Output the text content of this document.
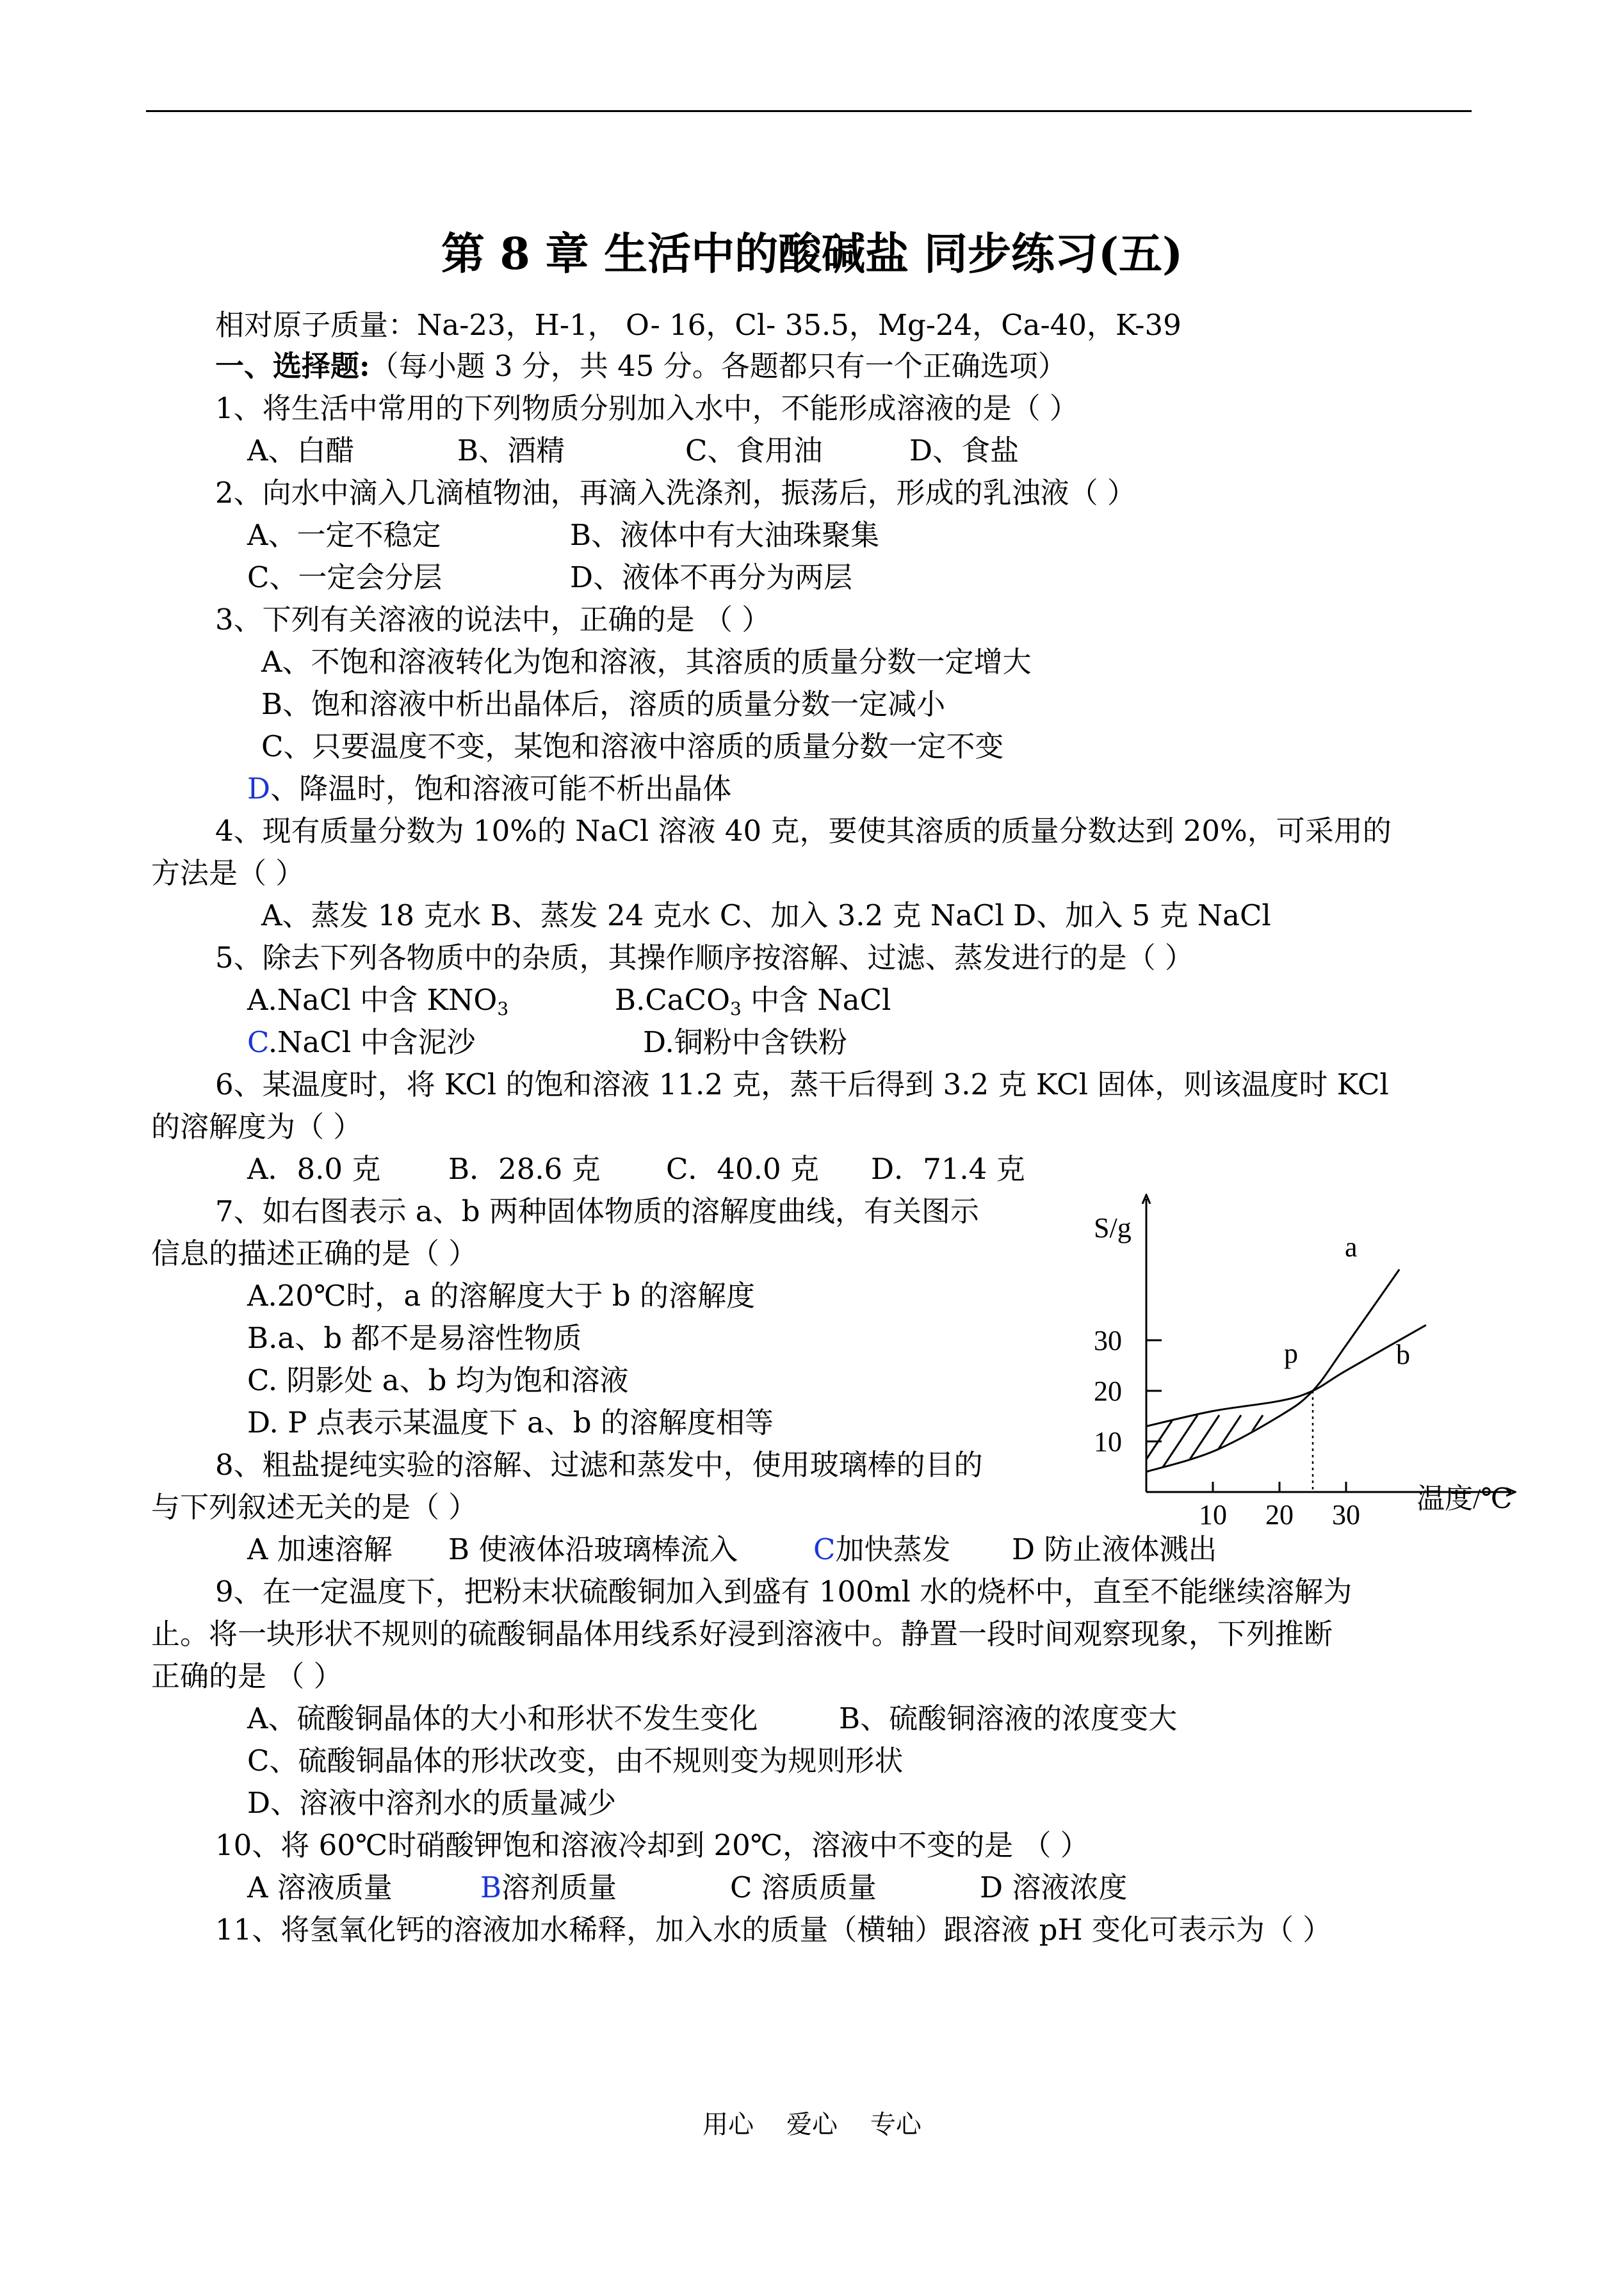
第 8 章 生活中的酸碱盐 同步练习(五)
相对原子质量：Na-23，H-1， O- 16，Cl- 35.5，Mg-24，Ca-40，K-39
一、选择题:（每小题 3 分，共 45 分。各题都只有一个正确选项）
1、将生活中常用的下列物质分别加入水中，不能形成溶液的是（ ）
A、白醋	B、酒精	C、食用油	D、食盐
2、向水中滴入几滴植物油，再滴入洗涤剂，振荡后，形成的乳浊液（ ）
A、一定不稳定	B、液体中有大油珠聚集
C、一定会分层	D、液体不再分为两层
3、下列有关溶液的说法中，正确的是 （ ）
A、不饱和溶液转化为饱和溶液，其溶质的质量分数一定增大
B、饱和溶液中析出晶体后，溶质的质量分数一定减小
C、只要温度不变，某饱和溶液中溶质的质量分数一定不变
D、降温时，饱和溶液可能不析出晶体
4、现有质量分数为 10%的 NaCl 溶液 40 克，要使其溶质的质量分数达到 20%，可采用的
方法是（ ）
A、蒸发 18 克水 B、蒸发 24 克水 C、加入 3.2 克 NaCl D、加入 5 克 NaCl
5、除去下列各物质中的杂质，其操作顺序按溶解、过滤、蒸发进行的是（ ）
A.NaCl 中含 $KNO_3$	B.CaCO$_3$ 中含 NaCl
C.NaCl 中含泥沙	D.铜粉中含铁粉
6、某温度时，将 KCl 的饱和溶液 11.2 克，蒸干后得到 3.2 克 KCl 固体，则该温度时 KCl
的溶解度为（ ）
A．8.0 克 B．28.6 克 C．40.0 克 D．71.4 克
7、如右图表示 a、b 两种固体物质的溶解度曲线，有关图示
信息的描述正确的是（ ）
A.20℃时，a 的溶解度大于 b 的溶解度
B.a、b 都不是易溶性物质
C. 阴影处 a、b 均为饱和溶液
D. P 点表示某温度下 a、b 的溶解度相等
8、粗盐提纯实验的溶解、过滤和蒸发中，使用玻璃棒的目的
与下列叙述无关的是（ ）
A 加速溶解 B 使液体沿玻璃棒流入	C加快蒸发 D 防止液体溅出
9、在一定温度下，把粉末状硫酸铜加入到盛有 100ml 水的烧杯中，直至不能继续溶解为
止。将一块形状不规则的硫酸铜晶体用线系好浸到溶液中。静置一段时间观察现象，下列推断
正确的是 （ ）
A、硫酸铜晶体的大小和形状不发生变化	B、硫酸铜溶液的浓度变大
C、硫酸铜晶体的形状改变，由不规则变为规则形状
D、溶液中溶剂水的质量减少
10、将 60℃时硝酸钾饱和溶液冷却到 20℃，溶液中不变的是 （ ）
A 溶液质量	B溶剂质量	C 溶质质量	D 溶液浓度
11、将氢氧化钙的溶液加水稀释，加入水的质量（横轴）跟溶液 pH 变化可表示为（ ）
10 20 30
10
20
30
S/g
温度/℃
a
b
p
用心    爱心    专心
